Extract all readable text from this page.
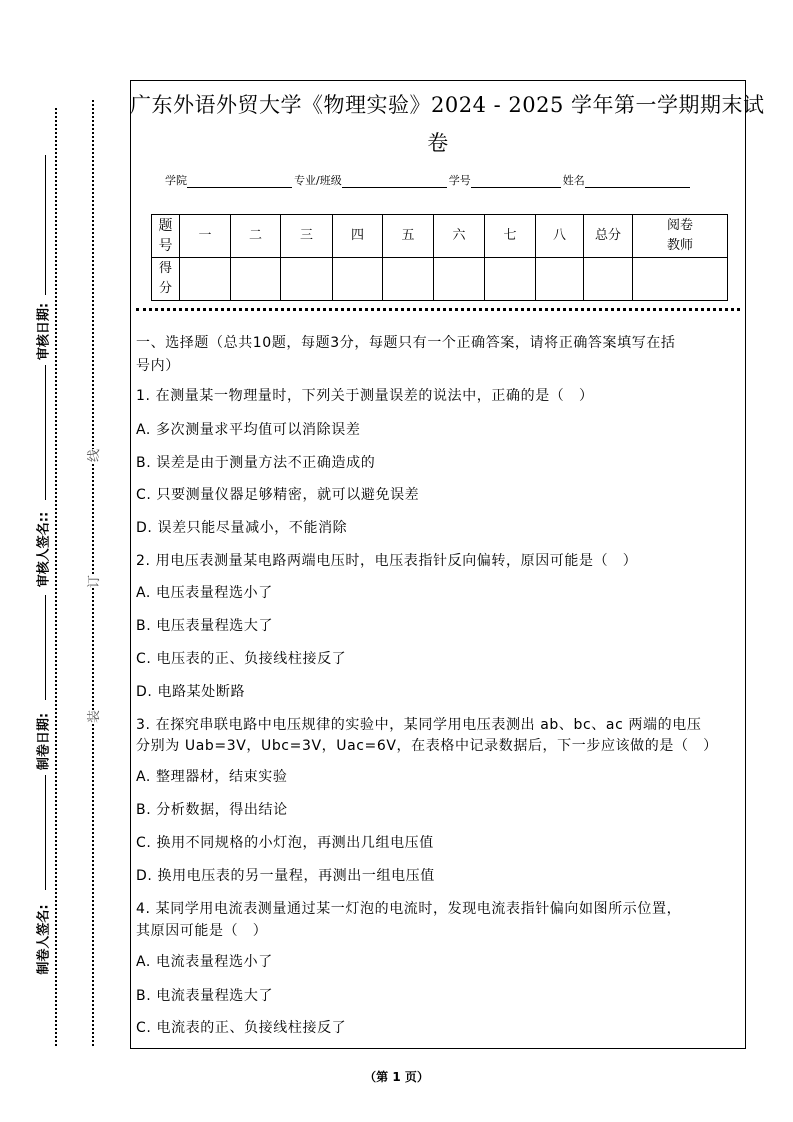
审核日期:
审核人签名::
制卷日期:
制卷人签名:
线
订
装
广东外语外贸大学《物理实验》2024 - 2025 学年第一学期期末试
卷
学院	专业/班级	学号	姓名
题号	一	二	三	四	五	六	七	八	总分	阅卷教师
得分										
一、选择题（总共10题，每题3分，每题只有一个正确答案，请将正确答案填写在括
号内）
1. 在测量某一物理量时，下列关于测量误差的说法中，正确的是（　）
A. 多次测量求平均值可以消除误差
B. 误差是由于测量方法不正确造成的
C. 只要测量仪器足够精密，就可以避免误差
D. 误差只能尽量减小，不能消除
2. 用电压表测量某电路两端电压时，电压表指针反向偏转，原因可能是（　）
A. 电压表量程选小了
B. 电压表量程选大了
C. 电压表的正、负接线柱接反了
D. 电路某处断路
3. 在探究串联电路中电压规律的实验中，某同学用电压表测出 ab、bc、ac 两端的电压
分别为 Uab=3V，Ubc=3V，Uac=6V，在表格中记录数据后，下一步应该做的是（　）
A. 整理器材，结束实验
B. 分析数据，得出结论
C. 换用不同规格的小灯泡，再测出几组电压值
D. 换用电压表的另一量程，再测出一组电压值
4. 某同学用电流表测量通过某一灯泡的电流时，发现电流表指针偏向如图所示位置，
其原因可能是（　）
A. 电流表量程选小了
B. 电流表量程选大了
C. 电流表的正、负接线柱接反了
（第 1 页）
